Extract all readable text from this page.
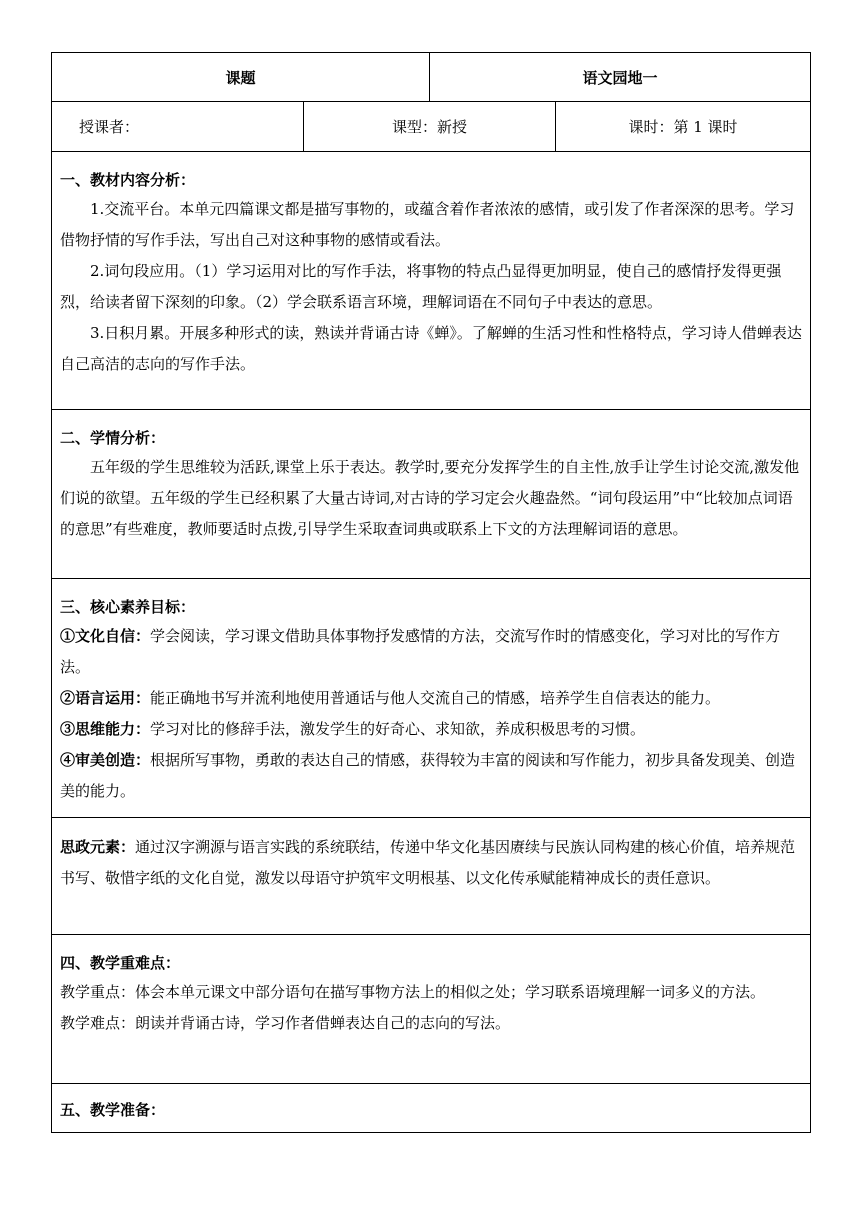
课题		语文园地一	
授课者：	课型：新授		课时：第 1 课时

一、教材内容分析：

1.交流平台。本单元四篇课文都是描写事物的，或蕴含着作者浓浓的感情，或引发了作者深深的思考。学习借物抒情的写作手法，写出自己对这种事物的感情或看法。

2.词句段应用。（1）学习运用对比的写作手法，将事物的特点凸显得更加明显，使自己的感情抒发得更强烈，给读者留下深刻的印象。（2）学会联系语言环境，理解词语在不同句子中表达的意思。

3.日积月累。开展多种形式的读，熟读并背诵古诗《蝉》。了解蝉的生活习性和性格特点，学习诗人借蝉表达自己高洁的志向的写作手法。			

二、学情分析：

五年级的学生思维较为活跃,课堂上乐于表达。教学时,要充分发挥学生的自主性,放手让学生讨论交流,激发他们说的欲望。五年级的学生已经积累了大量古诗词,对古诗的学习定会火趣盎然。“词句段运用”中“比较加点词语的意思”有些难度，教师要适时点拨,引导学生采取查词典或联系上下文的方法理解词语的意思。			

三、核心素养目标：

①文化自信：学会阅读，学习课文借助具体事物抒发感情的方法，交流写作时的情感变化，学习对比的写作方法。

②语言运用：能正确地书写并流利地使用普通话与他人交流自己的情感，培养学生自信表达的能力。

③思维能力：学习对比的修辞手法，激发学生的好奇心、求知欲，养成积极思考的习惯。

④审美创造：根据所写事物，勇敢的表达自己的情感，获得较为丰富的阅读和写作能力，初步具备发现美、创造美的能力。			

思政元素：通过汉字溯源与语言实践的系统联结，传递中华文化基因赓续与民族认同构建的核心价值，培养规范书写、敬惜字纸的文化自觉，激发以母语守护筑牢文明根基、以文化传承赋能精神成长的责任意识。			

四、教学重难点：

教学重点：体会本单元课文中部分语句在描写事物方法上的相似之处；学习联系语境理解一词多义的方法。

教学难点：朗读并背诵古诗，学习作者借蝉表达自己的志向的写法。			

五、教学准备：			
